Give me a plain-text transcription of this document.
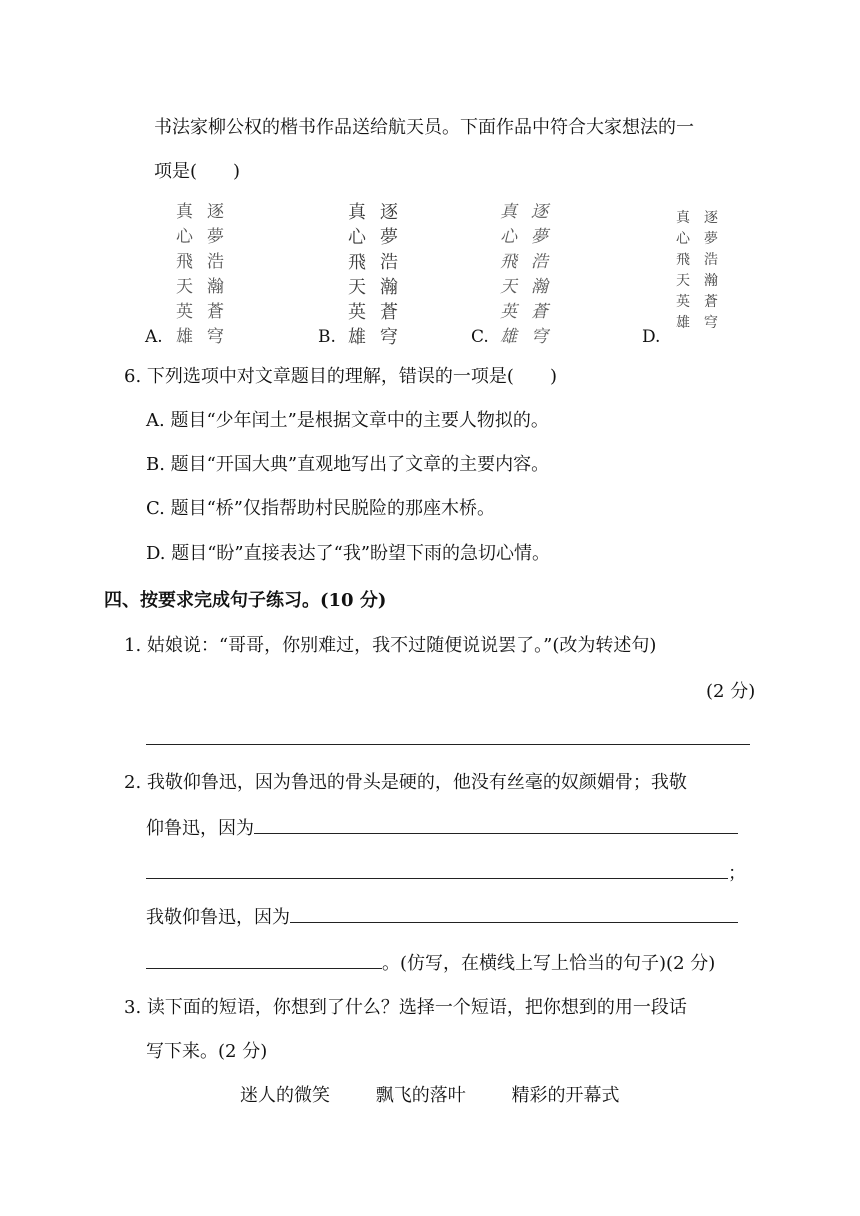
书法家柳公权的楷书作品送给航天员。下面作品中符合大家想法的一
项是(　　)
逐
夢
浩
瀚
蒼
穹
真
心
飛
天
英
雄
A.
逐
夢
浩
瀚
蒼
穹
真
心
飛
天
英
雄
B.
逐
夢
浩
瀚
蒼
穹
真
心
飛
天
英
雄
C.
逐
夢
浩
瀚
蒼
穹
真
心
飛
天
英
雄
D.
6. 下列选项中对文章题目的理解，错误的一项是(　　)
A. 题目“少年闰土”是根据文章中的主要人物拟的。
B. 题目“开国大典”直观地写出了文章的主要内容。
C. 题目“桥”仅指帮助村民脱险的那座木桥。
D. 题目“盼”直接表达了“我”盼望下雨的急切心情。
四、按要求完成句子练习。(10 分)
1. 姑娘说：“哥哥，你别难过，我不过随便说说罢了。”(改为转述句)
(2 分)
2. 我敬仰鲁迅，因为鲁迅的骨头是硬的，他没有丝毫的奴颜媚骨；我敬
仰鲁迅，因为
；
我敬仰鲁迅，因为
。(仿写，在横线上写上恰当的句子)(2 分)
3. 读下面的短语，你想到了什么？选择一个短语，把你想到的用一段话
写下来。(2 分)
迷人的微笑	飘飞的落叶	精彩的开幕式
